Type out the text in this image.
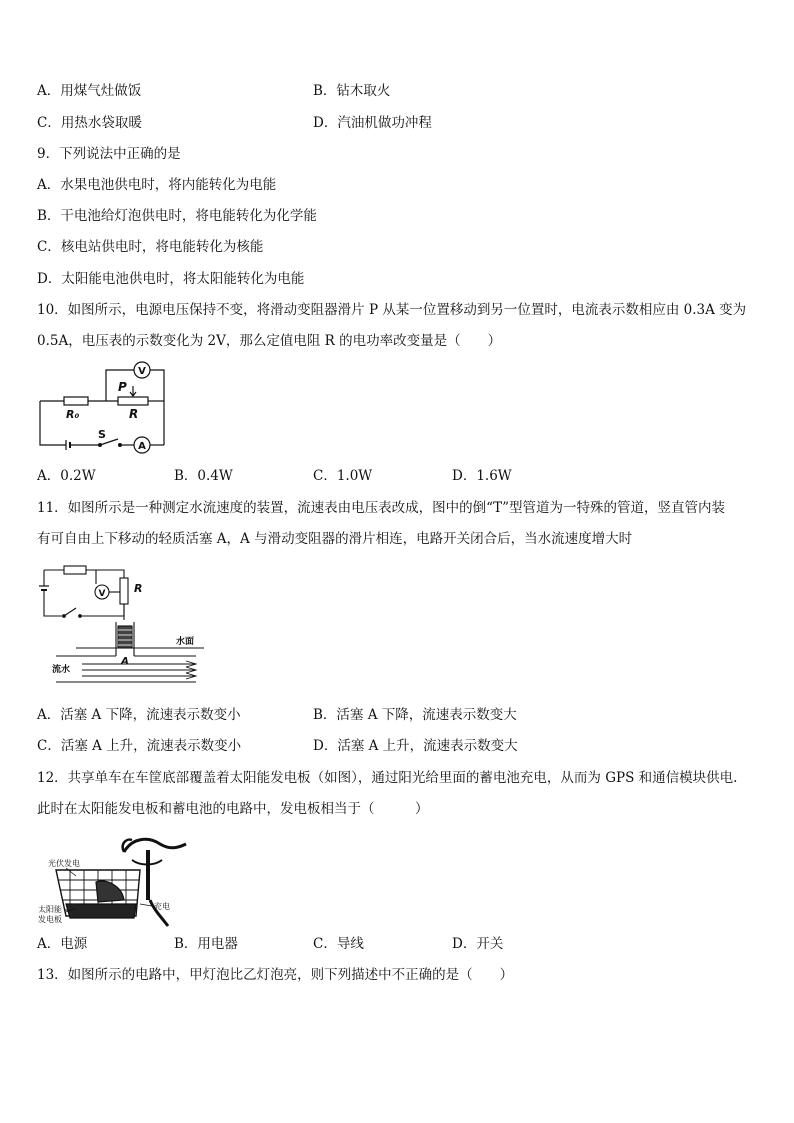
A．用煤气灶做饭	B．钻木取火
C．用热水袋取暖	D．汽油机做功冲程
9．下列说法中正确的是
A．水果电池供电时，将内能转化为电能
B．干电池给灯泡供电时，将电能转化为化学能
C．核电站供电时，将电能转化为核能
D．太阳能电池供电时，将太阳能转化为电能
10．如图所示，电源电压保持不变，将滑动变阻器滑片 P 从某一位置移动到另一位置时，电流表示数相应由 0.3A 变为
0.5A，电压表的示数变化为 2V，那么定值电阻 R 的电功率改变量是（　　）
V
P
R₀	R
S
A
A．0.2W	B．0.4W	C．1.0W	D．1.6W
11．如图所示是一种测定水流速度的装置，流速表由电压表改成，图中的倒“T”型管道为一特殊的管道，竖直管内装
有可自由上下移动的轻质活塞 A，A 与滑动变阻器的滑片相连，电路开关闭合后，当水流速度增大时
R
V
A
水面
流水
A．活塞 A 下降，流速表示数变小	B．活塞 A 下降，流速表示数变大
C．活塞 A 上升，流速表示数变小	D．活塞 A 上升，流速表示数变大
12．共享单车在车筐底部覆盖着太阳能发电板（如图），通过阳光给里面的蓄电池充电，从而为 GPS 和通信模块供电.
此时在太阳能发电板和蓄电池的电路中，发电板相当于（　　　）
光伏发电
太阳能
发电板
充电
A．电源	B．用电器	C．导线	D．开关
13．如图所示的电路中，甲灯泡比乙灯泡亮，则下列描述中不正确的是（　　）
